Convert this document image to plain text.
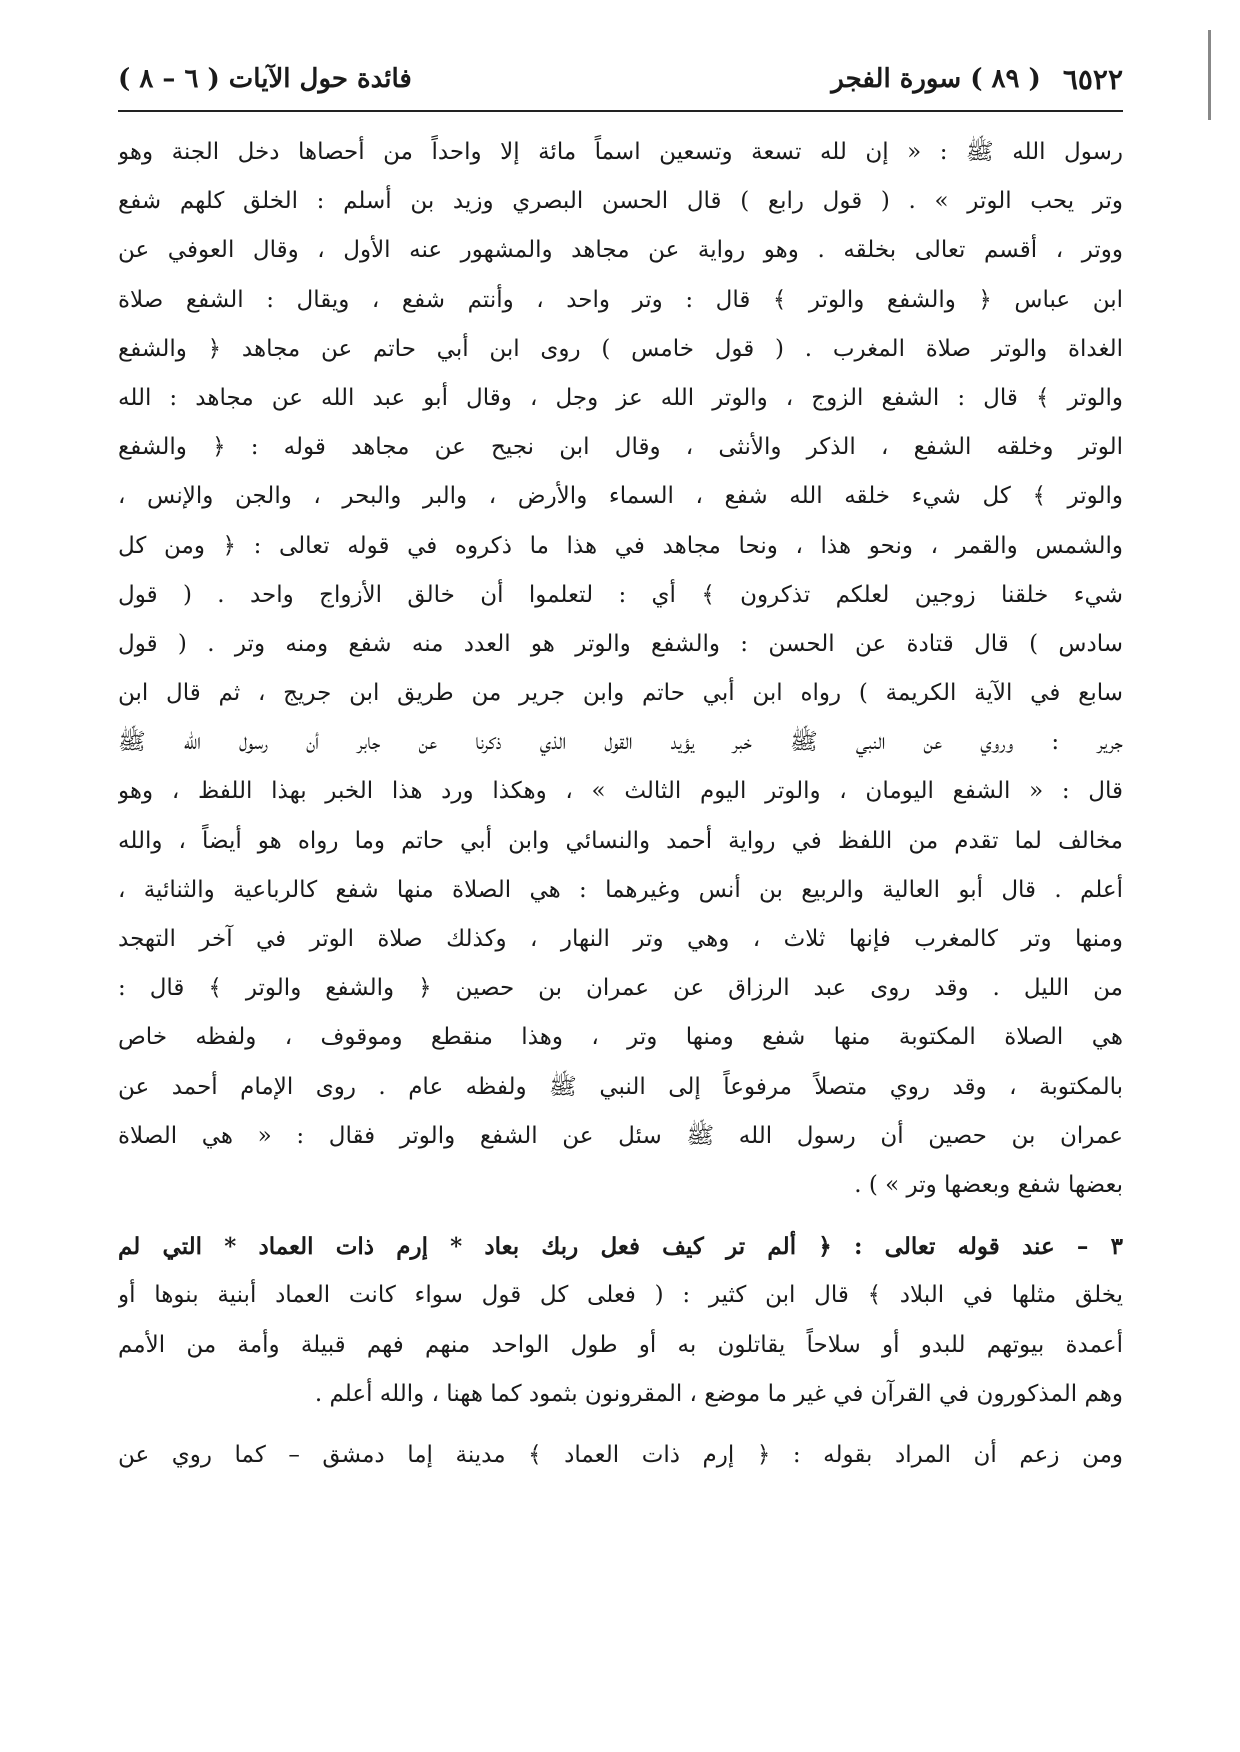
٦٥٢٢
( ٨٩ ) سورة الفجر
فائدة حول الآيات ( ٦ – ٨ )
رسول الله ﷺ : « إن لله تسعة وتسعين اسماً مائة إلا واحداً من أحصاها دخل الجنة وهو
وتر يحب الوتر » . ( قول رابع ) قال الحسن البصري وزيد بن أسلم : الخلق كلهم شفع
ووتر ، أقسم تعالى بخلقه . وهو رواية عن مجاهد والمشهور عنه الأول ، وقال العوفي عن
ابن عباس ﴿ والشفع والوتر ﴾ قال : وتر واحد ، وأنتم شفع ، ويقال : الشفع صلاة
الغداة والوتر صلاة المغرب . ( قول خامس ) روى ابن أبي حاتم عن مجاهد ﴿ والشفع
والوتر ﴾ قال : الشفع الزوج ، والوتر الله عز وجل ، وقال أبو عبد الله عن مجاهد : الله
الوتر وخلقه الشفع ، الذكر والأنثى ، وقال ابن نجيح عن مجاهد قوله : ﴿ والشفع
والوتر ﴾ كل شيء خلقه الله شفع ، السماء والأرض ، والبر والبحر ، والجن والإنس ،
والشمس والقمر ، ونحو هذا ، ونحا مجاهد في هذا ما ذكروه في قوله تعالى : ﴿ ومن كل
شيء خلقنا زوجين لعلكم تذكرون ﴾ أي : لتعلموا أن خالق الأزواج واحد . ( قول
سادس ) قال قتادة عن الحسن : والشفع والوتر هو العدد منه شفع ومنه وتر . ( قول
سابع في الآية الكريمة ) رواه ابن أبي حاتم وابن جرير من طريق ابن جريج ، ثم قال ابن
جرير : وروي عن النبي ﷺ خبر يؤيد القول الذي ذكرنا عن جابر أن رسول الله ﷺ
قال : « الشفع اليومان ، والوتر اليوم الثالث » ، وهكذا ورد هذا الخبر بهذا اللفظ ، وهو
مخالف لما تقدم من اللفظ في رواية أحمد والنسائي وابن أبي حاتم وما رواه هو أيضاً ، والله
أعلم . قال أبو العالية والربيع بن أنس وغيرهما : هي الصلاة منها شفع كالرباعية والثنائية ،
ومنها وتر كالمغرب فإنها ثلاث ، وهي وتر النهار ، وكذلك صلاة الوتر في آخر التهجد
من الليل . وقد روى عبد الرزاق عن عمران بن حصين ﴿ والشفع والوتر ﴾ قال :
هي الصلاة المكتوبة منها شفع ومنها وتر ، وهذا منقطع وموقوف ، ولفظه خاص
بالمكتوبة ، وقد روي متصلاً مرفوعاً إلى النبي ﷺ ولفظه عام . روى الإمام أحمد عن
عمران بن حصين أن رسول الله ﷺ سئل عن الشفع والوتر فقال : « هي الصلاة
بعضها شفع وبعضها وتر » ) .
٣ – عند قوله تعالى : ﴿ ألم تر كيف فعل ربك بعاد * إرم ذات العماد * التي لم
يخلق مثلها في البلاد ﴾ قال ابن كثير : ( فعلى كل قول سواء كانت العماد أبنية بنوها أو
أعمدة بيوتهم للبدو أو سلاحاً يقاتلون به أو طول الواحد منهم فهم قبيلة وأمة من الأمم
وهم المذكورون في القرآن في غير ما موضع ، المقرونون بثمود كما ههنا ، والله أعلم .
ومن زعم أن المراد بقوله : ﴿ إرم ذات العماد ﴾ مدينة إما دمشق – كما روي عن
